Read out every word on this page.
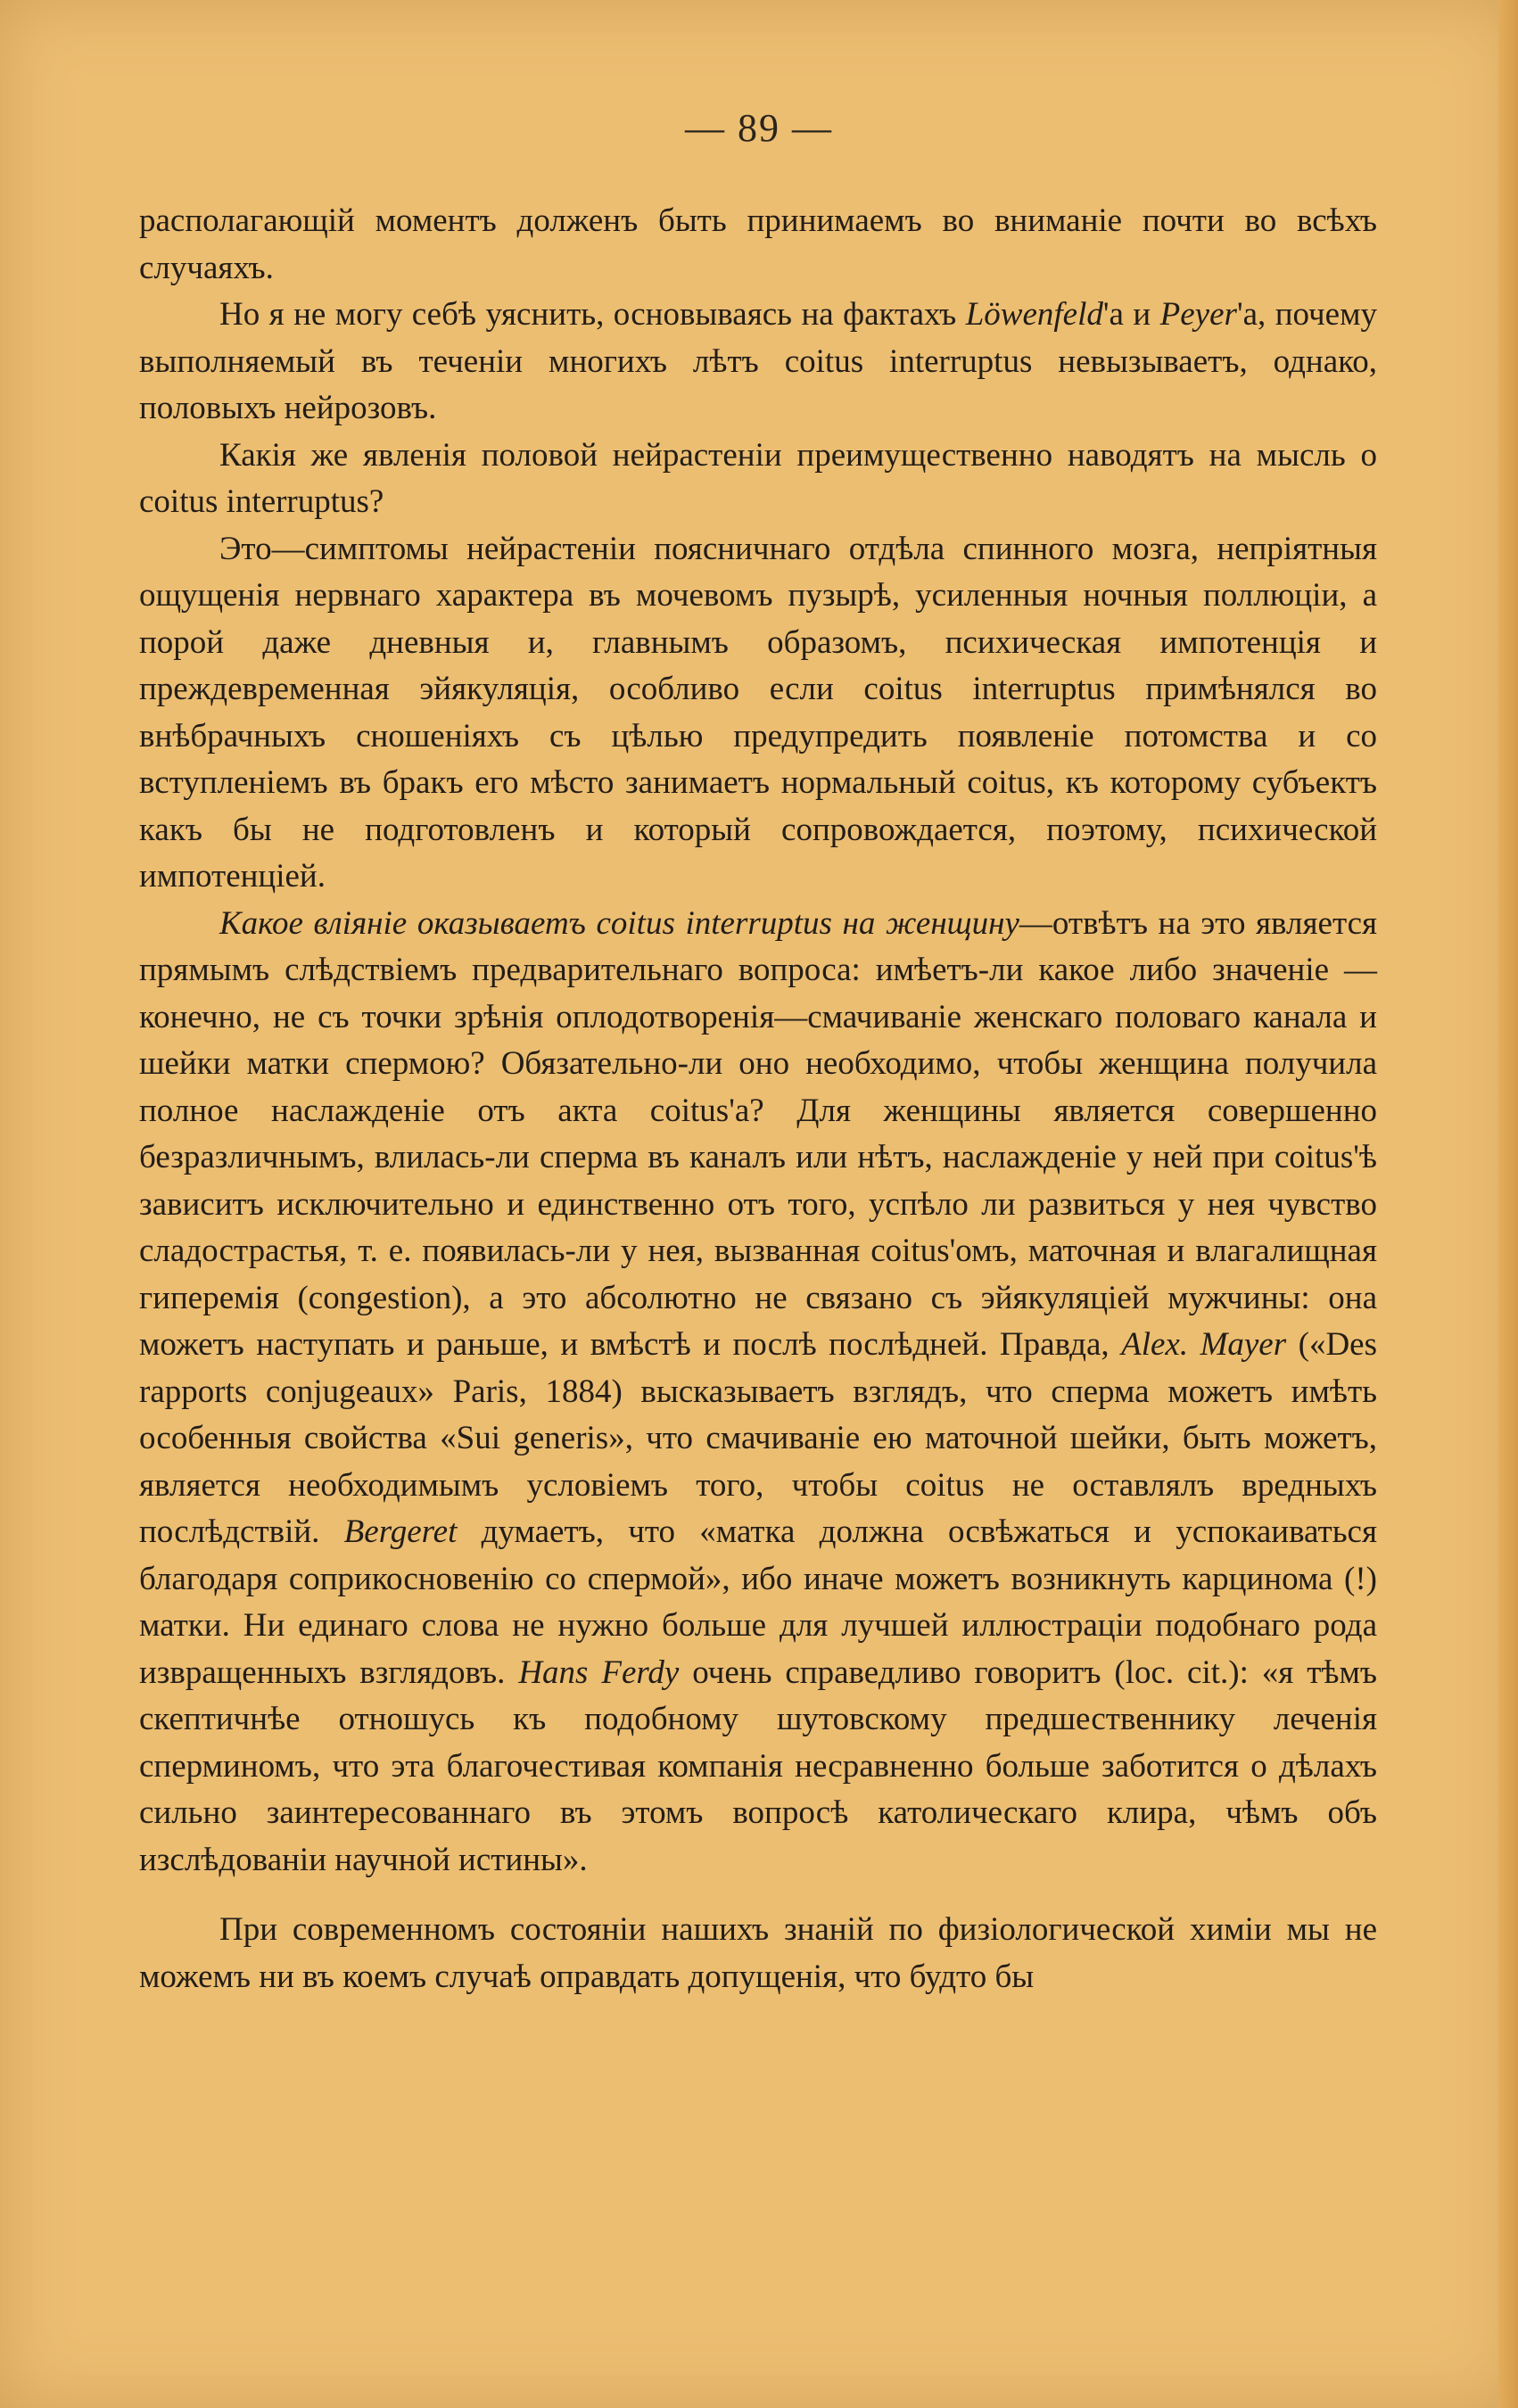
— 89 —

располагающій моментъ долженъ быть принимаемъ во вниманіе почти во всѣхъ случаяхъ.

Но я не могу себѣ уяснить, основываясь на фактахъ Löwenfeld'а и Peyer'а, почему выполняемый въ теченіи многихъ лѣтъ coitus interruptus невызываетъ, однако, половыхъ нейрозовъ.

Какія же явленія половой нейрастеніи преимущественно наводятъ на мысль о coitus interruptus?

Это—симптомы нейрастеніи поясничнаго отдѣла спинного мозга, непріятныя ощущенія нервнаго характера въ мочевомъ пузырѣ, усиленныя ночныя поллюціи, а порой даже дневныя и, главнымъ образомъ, психическая импотенція и преждевременная эйякуляція, особливо если coitus interruptus примѣнялся во внѣбрачныхъ сношеніяхъ съ цѣлью предупредить появленіе потомства и со вступленіемъ въ бракъ его мѣсто занимаетъ нормальный coitus, къ которому субъектъ какъ бы не подготовленъ и который сопровождается, поэтому, психической импотенціей.

Какое вліяніе оказываетъ coitus interruptus на женщину—отвѣтъ на это является прямымъ слѣдствіемъ предварительнаго вопроса: имѣетъ-ли какое либо значеніе — конечно, не съ точки зрѣнія оплодотворенія—смачиваніе женскаго половаго канала и шейки матки спермою? Обязательно-ли оно необходимо, чтобы женщина получила полное наслажденіе отъ акта coitus'а? Для женщины является совершенно безразличнымъ, влилась-ли сперма въ каналъ или нѣтъ, наслажденіе у ней при coitus'ѣ зависитъ исключительно и единственно отъ того, успѣло ли развиться у нея чувство сладострастья, т. е. появилась-ли у нея, вызванная coitus'омъ, маточная и влагалищная гиперемія (congestion), а это абсолютно не связано съ эйякуляціей мужчины: она можетъ наступать и раньше, и вмѣстѣ и послѣ послѣдней. Правда, Alex. Mayer («Des rapports conjugeaux» Paris, 1884) высказываетъ взглядъ, что сперма можетъ имѣть особенныя свойства «Sui generis», что смачиваніе ею маточной шейки, быть можетъ, является необходимымъ условіемъ того, чтобы coitus не оставлялъ вредныхъ послѣдствій. Bergeret думаетъ, что «матка должна освѣжаться и успокаиваться благодаря соприкосновенію со спермой», ибо иначе можетъ возникнуть карцинома (!) матки. Ни единаго слова не нужно больше для лучшей иллюстраціи подобнаго рода извращенныхъ взглядовъ. Hans Ferdy очень справедливо говоритъ (loc. cit.): «я тѣмъ скептичнѣе отношусь къ подобному шутовскому предшественнику леченія сперминомъ, что эта благочестивая компанія несравненно больше заботится о дѣлахъ сильно заинтересованнаго въ этомъ вопросѣ католическаго клира, чѣмъ объ изслѣдованіи научной истины».

При современномъ состояніи нашихъ знаній по физіологической химіи мы не можемъ ни въ коемъ случаѣ оправдать допущенія, что будто бы
